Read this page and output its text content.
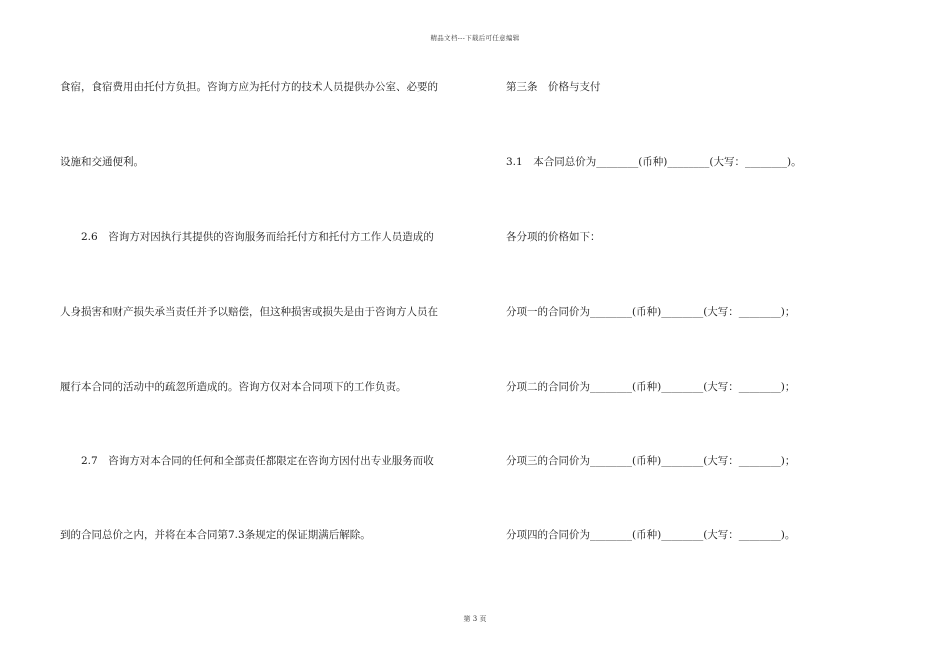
精品文档---下载后可任意编辑
食宿，食宿费用由托付方负担。咨询方应为托付方的技术人员提供办公室、必要的
设施和交通便利。
2.6　咨询方对因执行其提供的咨询服务而给托付方和托付方工作人员造成的
人身损害和财产损失承当责任并予以赔偿，但这种损害或损失是由于咨询方人员在
履行本合同的活动中的疏忽所造成的。咨询方仅对本合同项下的工作负责。
2.7　咨询方对本合同的任何和全部责任都限定在咨询方因付出专业服务而收
到的合同总价之内，并将在本合同第7.3条规定的保证期满后解除。
第三条　价格与支付
3.1　本合同总价为________(币种)________(大写：________)。
各分项的价格如下：
分项一的合同价为________(币种)________(大写：________)；
分项二的合同价为________(币种)________(大写：________)；
分项三的合同价为________(币种)________(大写：________)；
分项四的合同价为________(币种)________(大写：________)。
第 3 页
